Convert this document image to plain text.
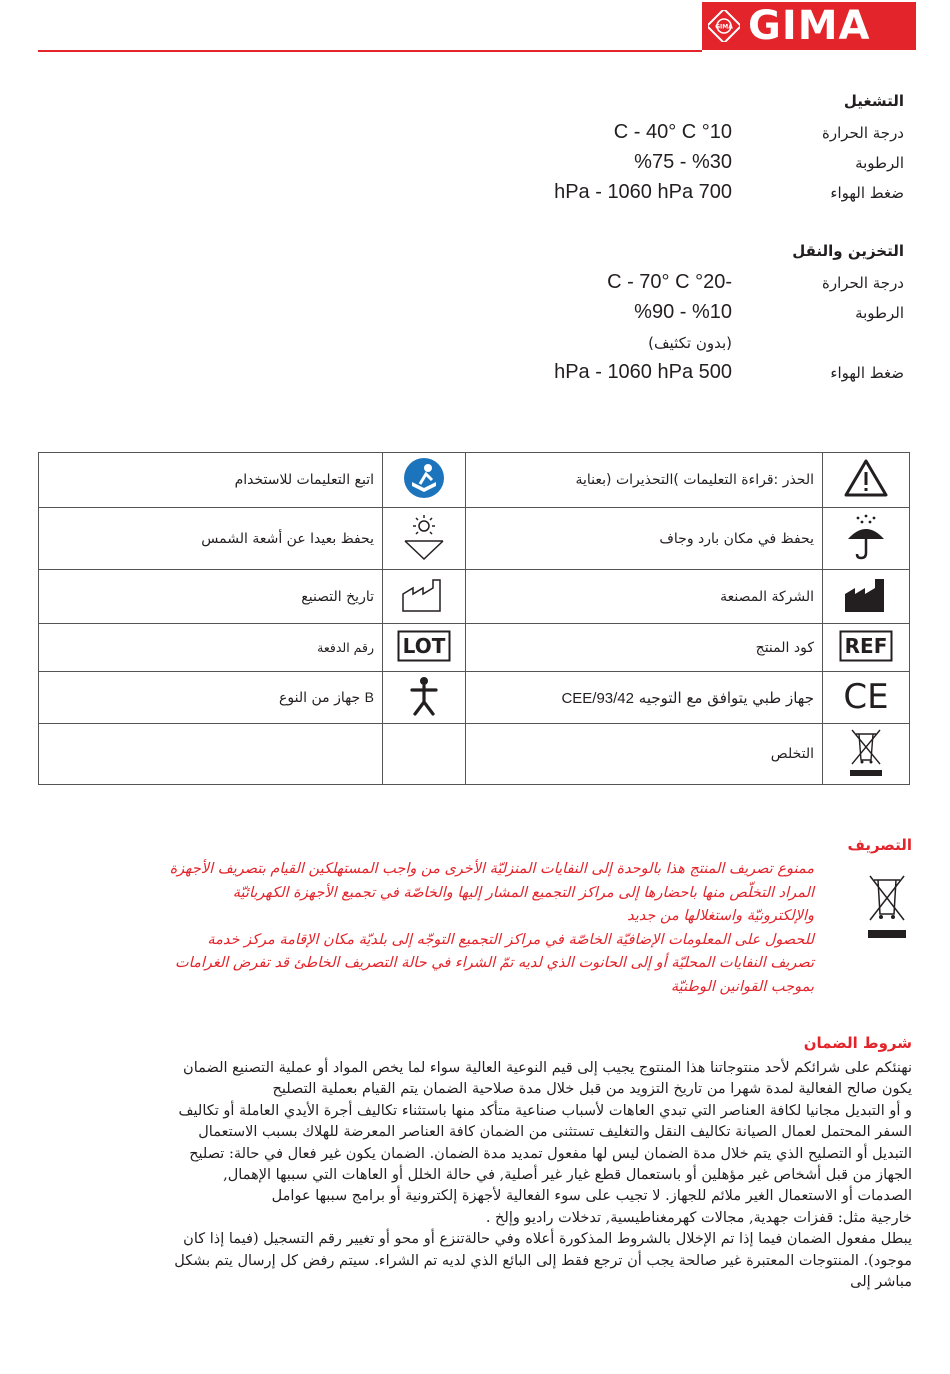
GIMA GIMA
التشغيل
درجة الحرارة
C - 40° C °10
الرطوبة
%75 - %30
ضغط الهواء
hPa - 1060 hPa 700
التخزين والنقل
درجة الحرارة
C - 70° C °20-
الرطوبة
%90 - %10
(بدون تكثيف)
ضغط الهواء
hPa - 1060 hPa 500
اتبع التعليمات للاستخدام		الحذر :قراءة التعليمات )التحذيرات (بعناية	
يحفظ بعيدا عن أشعة الشمس		يحفظ في مكان بارد وجاف	
تاريخ التصنيع		الشركة المصنعة	
رقم الدفعة	LOT	كود المنتج	REF

B جهاز من النوع		جهاز طبي يتوافق مع التوجيه 93/42/CEE	CE

		التخلص	
التصريف

ممنوع تصريف المنتج هذا بالوحدة إلى النفايات المنزليّة الأخرى من واجب المستهلكين القيام بتصريف الأجهزة
المراد التخلّص منها باحضارها إلى مراكز التجميع المشار إليها والخاصّة في تجميع الأجهزة الكهربائيّة
والإلكترونيّة واستغلالها من جديد
للحصول على المعلومات الإضافيّة الخاصّة في مراكز التجميع التوجّه إلى بلديّة مكان الإقامة مركز خدمة
تصريف النفايات المحليّة أو إلى الحانوت الذي لديه تمّ الشراء في حالة التصريف الخاطئ قد تفرض الغرامات
بموجب القوانين الوطنيّة

شروط الضمان

نهنئكم على شرائكم لأحد منتوجاتنا هذا المنتوج يجيب إلى قيم النوعية العالية سواء لما يخص المواد أو عملية التصنيع الضمان
يكون صالح الفعالية لمدة شهرا من تاريخ التزويد من قبل خلال مدة صلاحية الضمان يتم القيام بعملية التصليح
و أو التبديل مجانيا لكافة العناصر التي تبدي العاهات لأسباب صناعية متأكد منها باستثناء تكاليف أجرة الأيدي العاملة أو تكاليف
السفر المحتمل لعمال الصيانة تكاليف النقل والتغليف تستثنى من الضمان كافة العناصر المعرضة للهلاك بسبب الاستعمال
التبديل أو التصليح الذي يتم خلال مدة الضمان ليس لها مفعول تمديد مدة الضمان. الضمان يكون غير فعال في حالة: تصليح
الجهاز من قبل أشخاص غير مؤهلين أو باستعمال قطع غيار غير أصلية, في حالة الخلل أو العاهات التي سببها الإهمال,
الصدمات أو الاستعمال الغير ملائم للجهاز. لا تجيب على سوء الفعالية لأجهزة إلكترونية أو برامج سببها عوامل
خارجية مثل: قفزات جهدية, مجالات كهرمغناطيسية, تدخلات راديو وإلخ .
يبطل مفعول الضمان فيما إذا تم الإخلال بالشروط المذكورة أعلاه وفي حالةتنزع أو محو أو تغيير رقم التسجيل (فيما إذا كان
موجود). المنتوجات المعتبرة غير صالحة يجب أن ترجع فقط إلى البائع الذي لديه تم الشراء. سيتم رفض كل إرسال يتم بشكل
مباشر إلى
